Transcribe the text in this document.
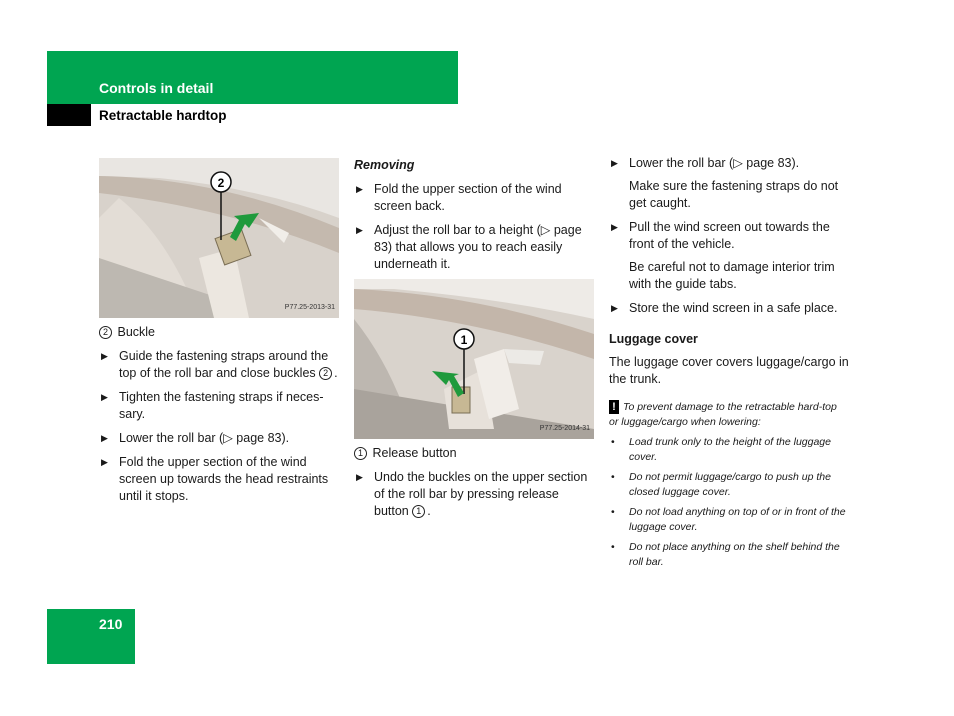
Controls in detail
Retractable hardtop
2
P77.25-2013-31
2 Buckle
▶ Guide the fastening straps around the top of the roll bar and close buckles 2 .
▶ Tighten the fastening straps if neces-sary.
▶ Lower the roll bar (▷ page 83).
▶ Fold the upper section of the wind screen up towards the head restraints until it stops.
Removing
▶ Fold the upper section of the wind screen back.
▶ Adjust the roll bar to a height (▷ page 83) that allows you to reach easily underneath it.
1
P77.25-2014-31
1 Release button
▶ Undo the buckles on the upper section of the roll bar by pressing release button 1 .
▶ Lower the roll bar (▷ page 83).
Make sure the fastening straps do not get caught.
▶ Pull the wind screen out towards the front of the vehicle.
Be careful not to damage interior trim with the guide tabs.
▶ Store the wind screen in a safe place.
Luggage cover
The luggage cover covers luggage/cargo in the trunk.
! To prevent damage to the retractable hard-top or luggage/cargo when lowering:
• Load trunk only to the height of the luggage cover.
• Do not permit luggage/cargo to push up the closed luggage cover.
• Do not load anything on top of or in front of the luggage cover.
• Do not place anything on the shelf behind the roll bar.
210
